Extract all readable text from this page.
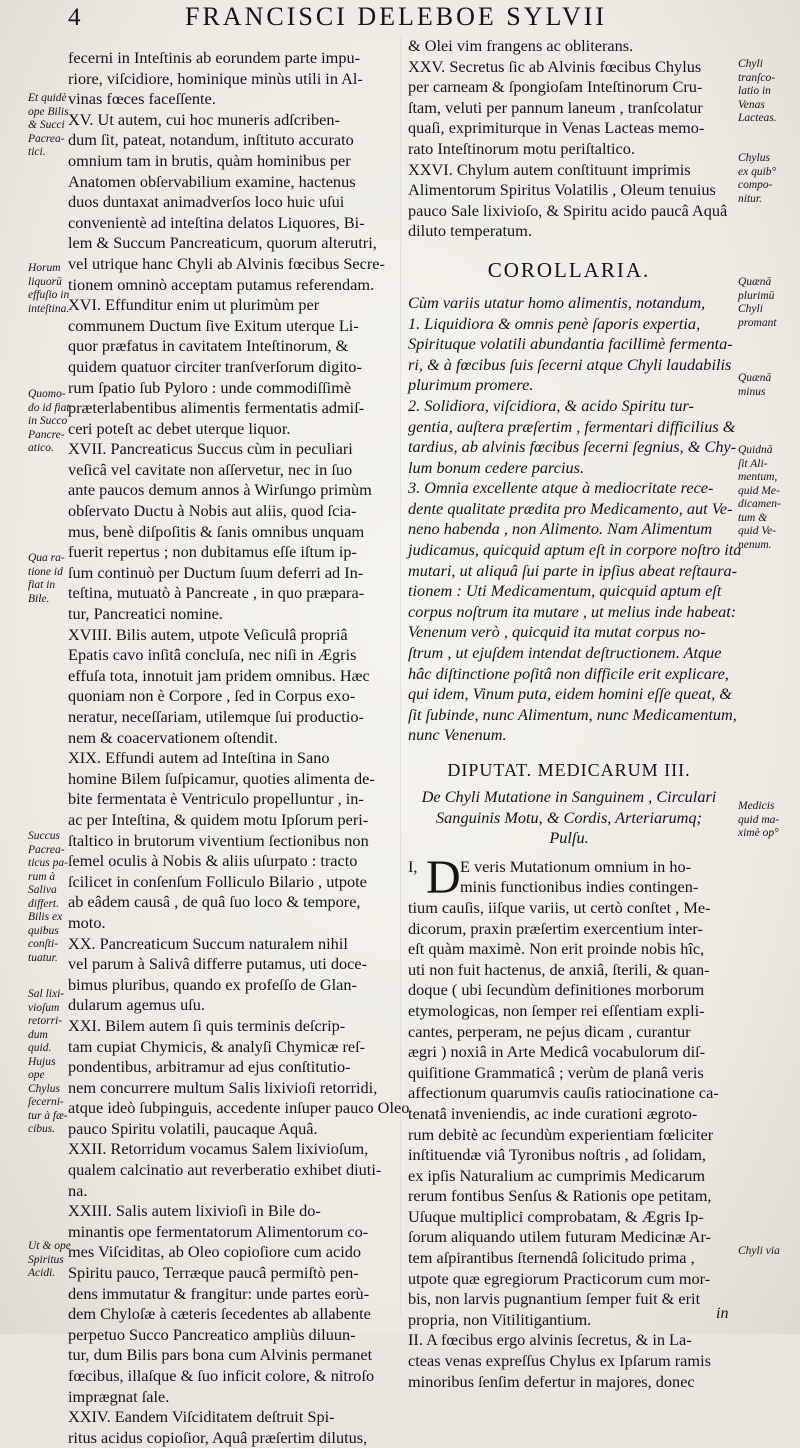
4	FRANCISCI DELEBOE SYLVII
fecerni in Inteſtinis ab eorundem parte impu-
riore, viſcidiore, hominique minùs utili in Al-
vinas fœces faceſſente.
XV. Ut autem, cui hoc muneris adſcriben-
dum ſit, pateat, notandum, inſtituto accurato
omnium tam in brutis, quàm hominibus per
Anatomen obſervabilium examine, hactenus
duos duntaxat animadverſos loco huic uſui
convenientè ad inteſtina delatos Liquores, Bi-
lem & Succum Pancreaticum, quorum alterutri,
vel utrique hanc Chyli ab Alvinis fœcibus Secre-
tionem omninò acceptam putamus referendam.
XVI. Effunditur enim ut plurimùm per
communem Ductum ſive Exitum uterque Li-
quor præfatus in cavitatem Inteſtinorum, &
quidem quatuor circiter tranſverſorum digito-
rum ſpatio ſub Pyloro : unde commodiſſimè
præterlabentibus alimentis fermentatis admiſ-
ceri poteſt ac debet uterque liquor.
XVII. Pancreaticus Succus cùm in peculiari
veſicâ vel cavitate non aſſervetur, nec in ſuo
ante paucos demum annos à Wirſungo primùm
obſervato Ductu à Nobis aut aliis, quod ſcia-
mus, benè diſpoſitis & ſanis omnibus unquam
fuerit repertus ; non dubitamus eſſe iſtum ip-
ſum continuò per Ductum ſuum deferri ad In-
teſtina, mutuatò à Pancreate , in quo præpara-
tur, Pancreatici nomine.
XVIII. Bilis autem, utpote Veſiculâ propriâ
Epatis cavo inſitâ concluſa, nec niſi in Ægris
effuſa tota, innotuit jam pridem omnibus. Hæc
quoniam non è Corpore , ſed in Corpus exo-
neratur, neceſſariam, utilemque ſui productio-
nem & coacervationem oſtendit.
XIX. Effundi autem ad Inteſtina in Sano
homine Bilem ſuſpicamur, quoties alimenta de-
bite fermentata è Ventriculo propelluntur , in-
ac per Inteſtina, & quidem motu Ipſorum peri-
ſtaltico in brutorum viventium ſectionibus non
ſemel oculis à Nobis & aliis uſurpato : tracto
ſcilicet in conſenſum Folliculo Bilario , utpote
ab eâdem causâ , de quâ ſuo loco & tempore,
moto.
XX. Pancreaticum Succum naturalem nihil
vel parum à Salivâ differre putamus, uti doce-
bimus pluribus, quando ex profeſſo de Glan-
dularum agemus uſu.
XXI. Bilem autem ſi quis terminis deſcrip-
tam cupiat Chymicis, & analyſi Chymicæ reſ-
pondentibus, arbitramur ad ejus conſtitutio-
nem concurrere multum Salis lixivioſi retorridi,
atque ideò ſubpinguis, accedente inſuper pauco Oleo
pauco Spiritu volatili, paucaque Aquâ.
XXII. Retorridum vocamus Salem lixivioſum,
qualem calcinatio aut reverberatio exhibet diuti-
na.
XXIII. Salis autem lixivioſi in Bile do-
minantis ope fermentatorum Alimentorum co-
mes Viſciditas, ab Oleo copioſiore cum acido
Spiritu pauco, Terræque paucâ permiſtò pen-
dens immutatur & frangitur: unde partes eorù-
dem Chyloſæ à cæteris ſecedentes ab allabente
perpetuo Succo Pancreatico ampliùs diluun-
tur, dum Bilis pars bona cum Alvinis permanet
fœcibus, illaſque & ſuo inficit colore, & nitroſo
imprægnat ſale.
XXIV. Eandem Viſciditatem deſtruit Spi-
ritus acidus copioſior, Aquâ præſertim dilutus,
& Olei vim frangens ac obliterans.
XXV. Secretus ſic ab Alvinis fœcibus Chylus
per carneam & ſpongioſam Inteſtinorum Cru-
ſtam, veluti per pannum laneum , tranſcolatur
quaſi, exprimiturque in Venas Lacteas memo-
rato Inteſtinorum motu periſtaltico.
XXVI. Chylum autem conſtituunt imprimis
Alimentorum Spiritus Volatilis , Oleum tenuius
pauco Sale lixivioſo, & Spiritu acido paucâ Aquâ
diluto temperatum.
COROLLARIA.
Cùm variis utatur homo alimentis, notandum,
1. Liquidiora & omnis penè ſaporis expertia,
Spirituque volatili abundantia facillimè fermenta-
ri, & à fœcibus ſuis ſecerni atque Chyli laudabilis
plurimum promere.
2. Solidiora, viſcidiora, & acido Spiritu tur-
gentia, auſtera præſertim , fermentari difficilius &
tardius, ab alvinis fœcibus ſecerni ſegnius, & Chy-
lum bonum cedere parcius.
3. Omnia excellente atque à mediocritate rece-
dente qualitate prædita pro Medicamento, aut Ve-
neno habenda , non Alimento. Nam Alimentum
judicamus, quicquid aptum eſt in corpore noſtro ita
mutari, ut aliquâ ſui parte in ipſius abeat reſtaura-
tionem : Uti Medicamentum, quicquid aptum eſt
corpus noſtrum ita mutare , ut melius inde habeat:
Venenum verò , quicquid ita mutat corpus no-
ſtrum , ut ejuſdem intendat deſtructionem. Atque
hâc diſtinctione poſitâ non difficile erit explicare,
qui idem, Vinum puta, eidem homini eſſe queat, &
ſit ſubinde, nunc Alimentum, nunc Medicamentum,
nunc Venenum.
DIPUTAT. MEDICARUM III.
De Chyli Mutatione in Sanguinem , Circulari
Sanguinis Motu, & Cordis, Arteriarumq;
Pulſu.
I, D E veris Mutationum omnium in ho-
minis functionibus indies contingen-
tium cauſis, iiſque variis, ut certò conſtet , Me-
dicorum, praxin præſertim exercentium inter-
eſt quàm maximè. Non erit proinde nobis hîc,
uti non fuit hactenus, de anxiâ, ſterili, & quan-
doque ( ubi ſecundùm definitiones morborum
etymologicas, non ſemper rei eſſentiam expli-
cantes, perperam, ne pejus dicam , curantur
ægri ) noxiâ in Arte Medicâ vocabulorum diſ-
quiſitione Grammaticâ ; verùm de planâ veris
affectionum quarumvis cauſis ratiocinatione ca-
tenatâ inveniendis, ac inde curationi ægroto-
rum debitè ac ſecundùm experientiam fœliciter
inſtituendæ viâ Tyronibus noſtris , ad ſolidam,
ex ipſis Naturalium ac cumprimis Medicarum
rerum fontibus Senſus & Rationis ope petitam,
Uſuque multiplici comprobatam, & Ægris Ip-
ſorum aliquando utilem futuram Medicinæ Ar-
tem aſpirantibus ſternendâ ſolicitudo prima ,
utpote quæ egregiorum Practicorum cum mor-
bis, non larvis pugnantium ſemper fuit & erit
propria, non Vitilitigantium.
II. A fœcibus ergo alvinis ſecretus, & in La-
cteas venas expreſſus Chylus ex Ipſarum ramis
minoribus ſenſim defertur in majores, donec
Et quidè
ope Bilis
& Succi
Pacrea-
tici.
Horum
liquorū
effuſio in
inteſtina.
Quomo-
do id fiat
in Succo
Pancre-
atico.
Qua ra-
tione id
fiat in
Bile.
Succus
Pacrea-
ticus pa-
rum à
Saliva
differt.
Bilis ex
quibus
conſti-
tuatur.
Sal lixi-
vioſum
retorri-
dum
quid.
Hujus
ope
Chylus
ſecerni-
tur à fæ-
cibus.
Ut & ope
Spiritus
Acidi.
Chyli
tranſco-
latio in
Venas
Lacteas.
Chylus
ex quib°
compo-
nitur.
Quænā
plurimū
Chyli
promant
Quænā
minus
Quidnā
ſit Ali-
mentum,
quid Me-
dicamen-
tum &
quid Ve-
nenum.
Medicis
quid ma-
ximè op°
Chyli via
in
